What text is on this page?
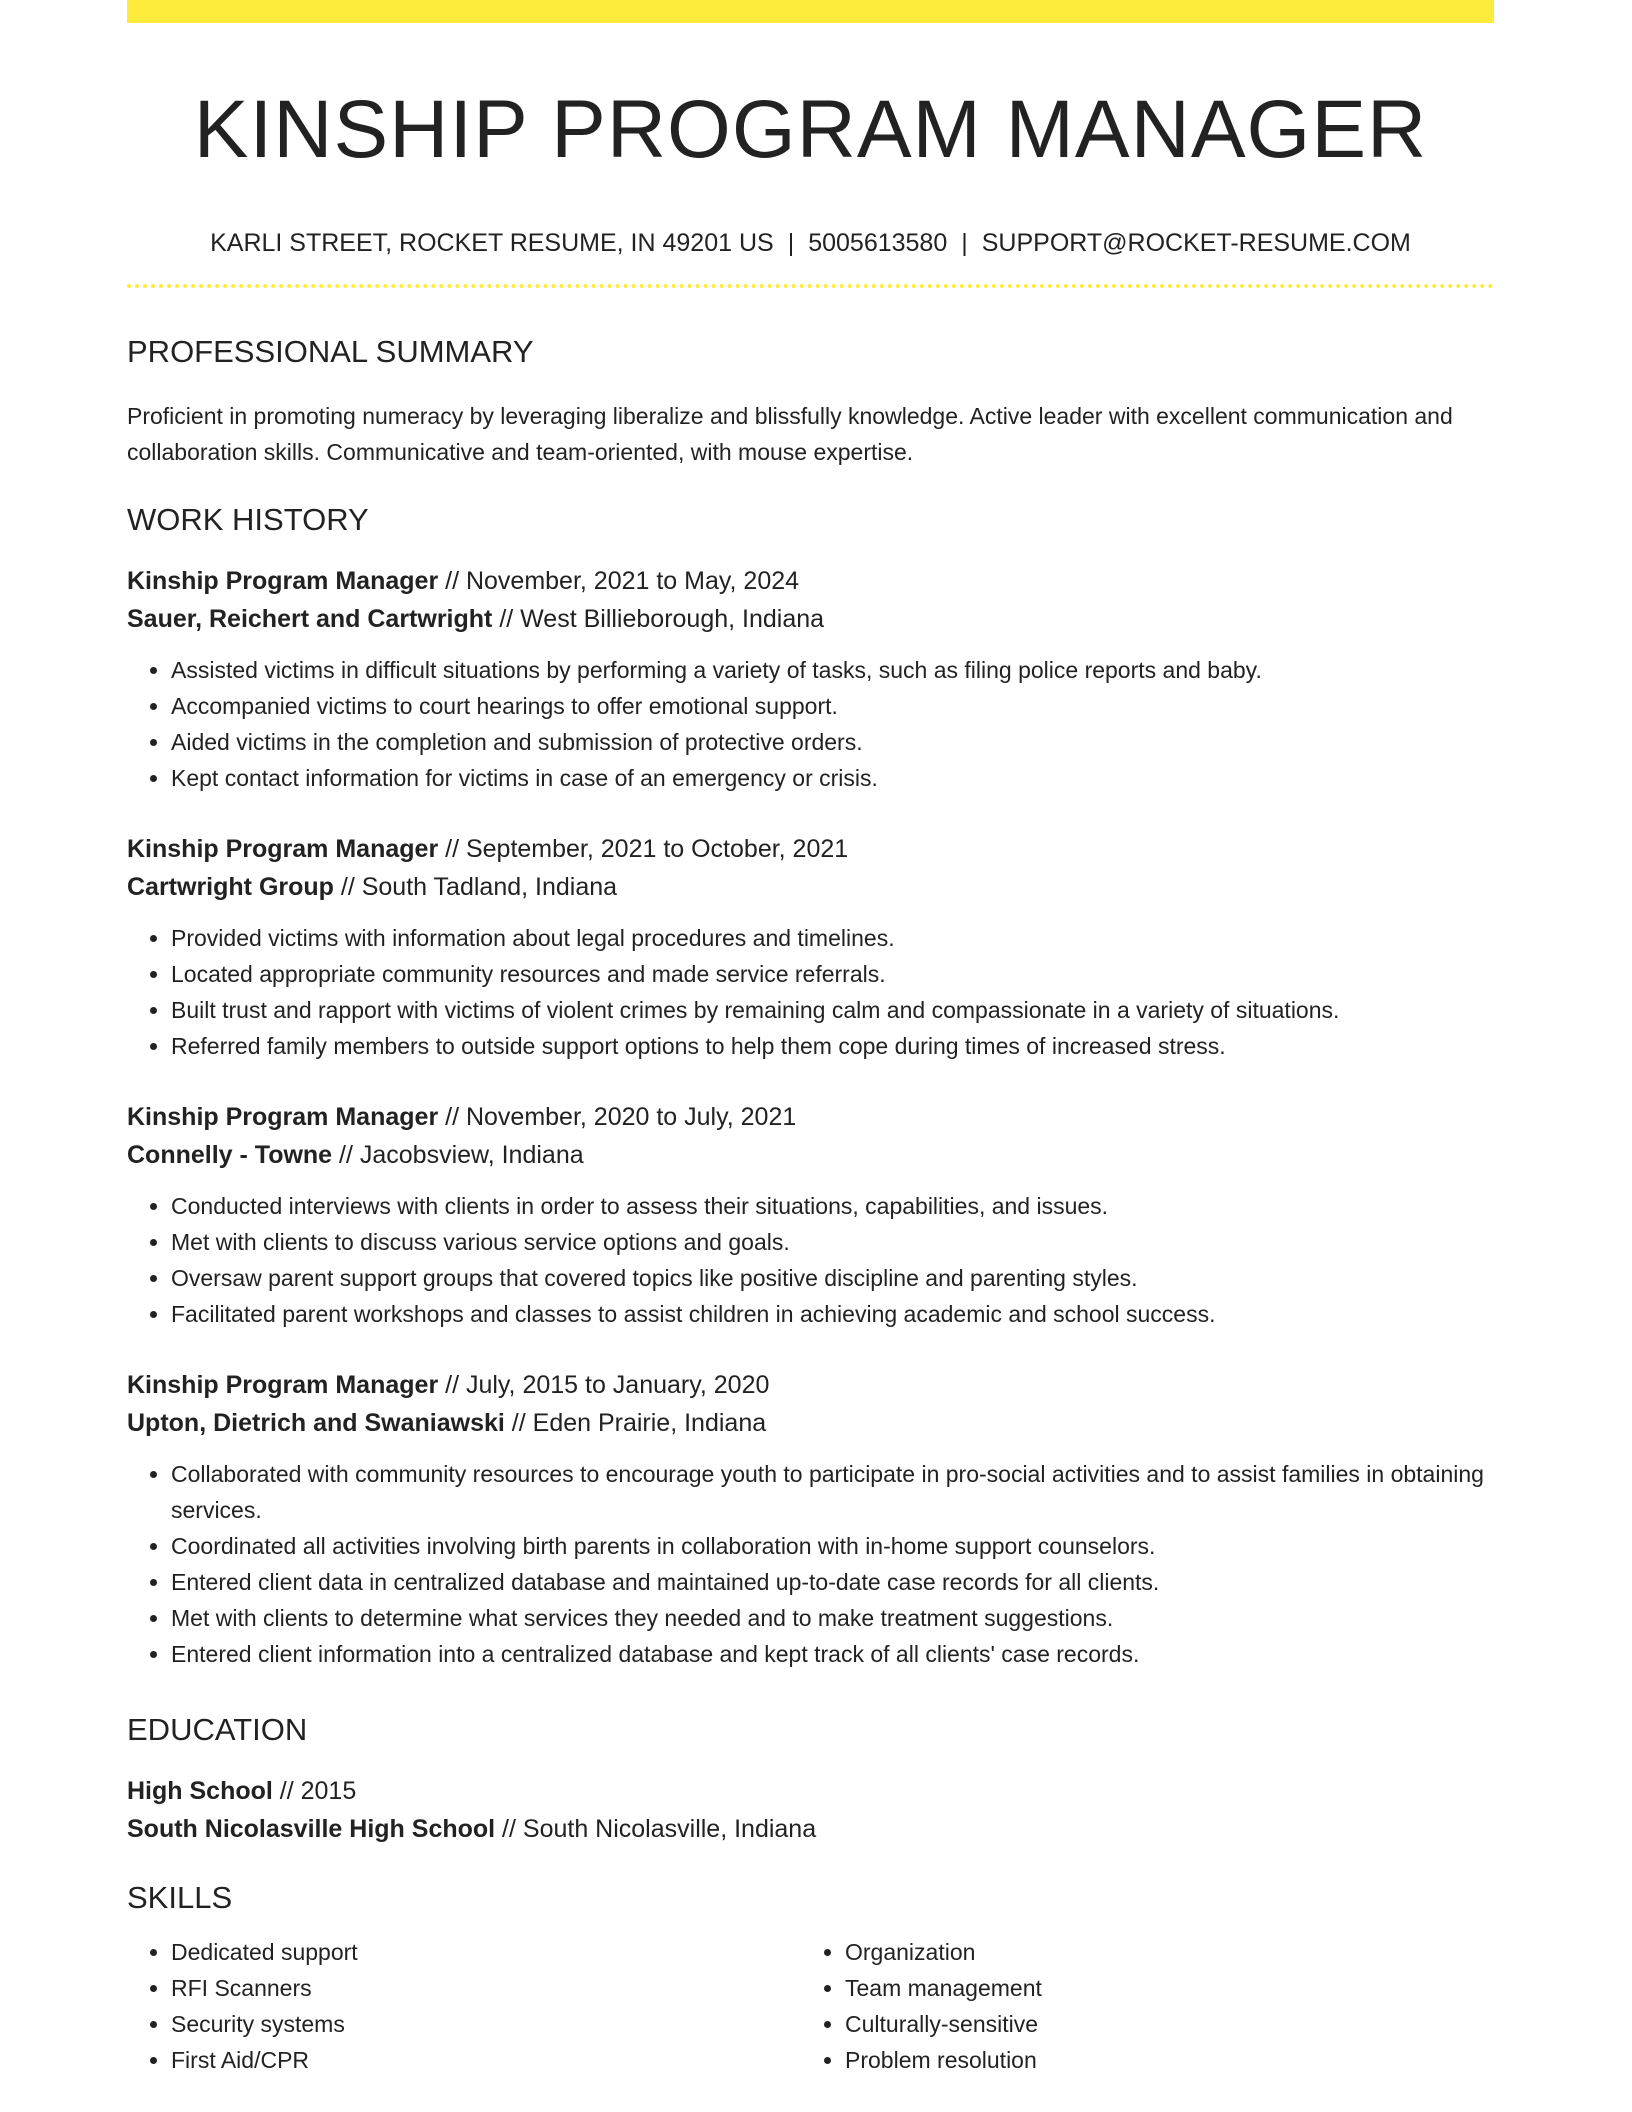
KINSHIP PROGRAM MANAGER
KARLI STREET, ROCKET RESUME, IN 49201 US | 5005613580 | SUPPORT@ROCKET-RESUME.COM
PROFESSIONAL SUMMARY

Proficient in promoting numeracy by leveraging liberalize and blissfully knowledge. Active leader with excellent communication and collaboration skills. Communicative and team-oriented, with mouse expertise.

WORK HISTORY
Kinship Program Manager // November, 2021 to May, 2024
Sauer, Reichert and Cartwright // West Billieborough, Indiana
• Assisted victims in difficult situations by performing a variety of tasks, such as filing police reports and baby.
• Accompanied victims to court hearings to offer emotional support.
• Aided victims in the completion and submission of protective orders.
• Kept contact information for victims in case of an emergency or crisis.
Kinship Program Manager // September, 2021 to October, 2021
Cartwright Group // South Tadland, Indiana
• Provided victims with information about legal procedures and timelines.
• Located appropriate community resources and made service referrals.
• Built trust and rapport with victims of violent crimes by remaining calm and compassionate in a variety of situations.
• Referred family members to outside support options to help them cope during times of increased stress.
Kinship Program Manager // November, 2020 to July, 2021
Connelly - Towne // Jacobsview, Indiana
• Conducted interviews with clients in order to assess their situations, capabilities, and issues.
• Met with clients to discuss various service options and goals.
• Oversaw parent support groups that covered topics like positive discipline and parenting styles.
• Facilitated parent workshops and classes to assist children in achieving academic and school success.
Kinship Program Manager // July, 2015 to January, 2020
Upton, Dietrich and Swaniawski // Eden Prairie, Indiana
• Collaborated with community resources to encourage youth to participate in pro-social activities and to assist families in obtaining services.
• Coordinated all activities involving birth parents in collaboration with in-home support counselors.
• Entered client data in centralized database and maintained up-to-date case records for all clients.
• Met with clients to determine what services they needed and to make treatment suggestions.
• Entered client information into a centralized database and kept track of all clients' case records.
EDUCATION
High School // 2015
South Nicolasville High School // South Nicolasville, Indiana
SKILLS
• Dedicated support
• RFI Scanners
• Security systems
• First Aid/CPR
• Organization
• Team management
• Culturally-sensitive
• Problem resolution
